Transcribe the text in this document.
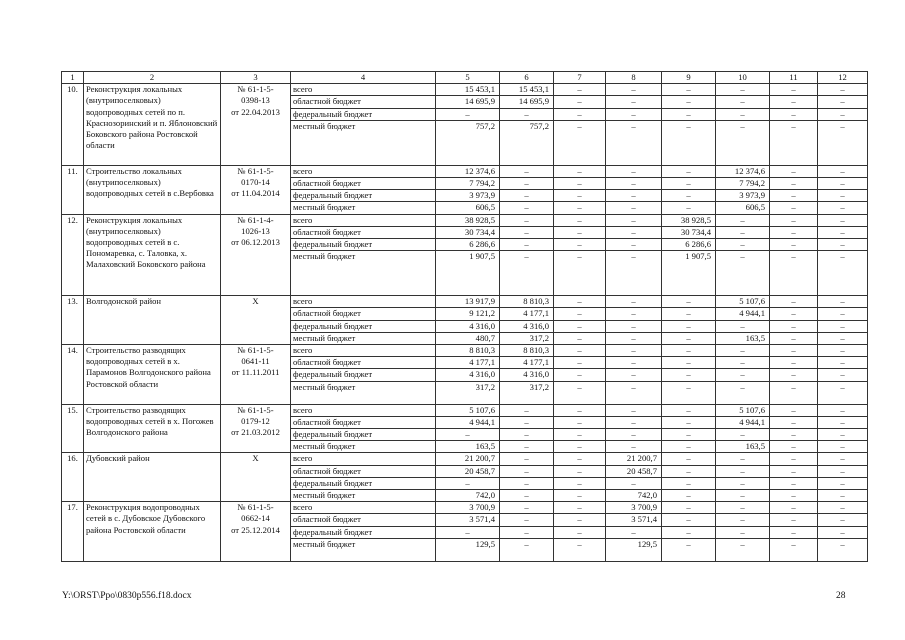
1	2	3	4	5	6	7	8	9	10	11	12
10.	Реконструкция локальных (внутрипоселковых) водопроводных сетей по п. Краснозоринский и п. Яблоновский Боковского района Ростовской области	№ 61-1-5-
0398-13
от 22.04.2013	всего	15 453,1	15 453,1	–	–	–	–	–	–
			областной бюджет	14 695,9	14 695,9	–	–	–	–	–	–
			федеральный бюджет	–	–	–	–	–	–	–	–
			местный бюджет	757,2	757,2	–	–	–	–	–	–
11.	Строительство локальных (внутрипоселковых) водопроводных сетей в с.Вербовка	№ 61-1-5-
0170-14
от 11.04.2014	всего	12 374,6	–	–	–	–	12 374,6	–	–
			областной бюджет	7 794,2	–	–	–	–	7 794,2	–	–
			федеральный бюджет	3 973,9	–	–	–	–	3 973,9	–	–
			местный бюджет	606,5	–	–	–	–	606,5	–	–
12.	Реконструкция локальных (внутрипоселковых) водопроводных сетей в с. Пономаревка, с. Таловка, х. Малаховский Боковского района	№ 61-1-4-
1026-13
от 06.12.2013	всего	38 928,5	–	–	–	38 928,5	–	–	–
			областной бюджет	30 734,4	–	–	–	30 734,4	–	–	–
			федеральный бюджет	6 286,6	–	–	–	6 286,6	–	–	–
			местный бюджет	1 907,5	–	–	–	1 907,5	–	–	–
13.	Волгодонской район	Х	всего	13 917,9	8 810,3	–	–	–	5 107,6	–	–
			областной бюджет	9 121,2	4 177,1	–	–	–	4 944,1	–	–
			федеральный бюджет	4 316,0	4 316,0	–	–	–	–	–	–
			местный бюджет	480,7	317,2	–	–	–	163,5	–	–
14.	Строительство разводящих водопроводных сетей в х. Парамонов Волгодонского района Ростовской области	№ 61-1-5-
0641-11
от 11.11.2011	всего	8 810,3	8 810,3	–	–	–	–	–	–
			областной бюджет	4 177,1	4 177,1	–	–	–	–	–	–
			федеральный бюджет	4 316,0	4 316,0	–	–	–	–	–	–
			местный бюджет	317,2	317,2	–	–	–	–	–	–
15.	Строительство разводящих водопроводных сетей в х. Погожев Волгодонского района	№ 61-1-5-
0179-12
от 21.03.2012	всего	5 107,6	–	–	–	–	5 107,6	–	–
			областной бюджет	4 944,1	–	–	–	–	4 944,1	–	–
			федеральный бюджет	–	–	–	–	–	–	–	–
			местный бюджет	163,5	–	–	–	–	163,5	–	–
16.	Дубовский район	Х	всего	21 200,7	–	–	21 200,7	–	–	–	–
			областной бюджет	20 458,7	–	–	20 458,7	–	–	–	–
			федеральный бюджет	–	–	–	–	–	–	–	–
			местный бюджет	742,0	–	–	742,0	–	–	–	–
17.	Реконструкция водопроводных сетей в с. Дубовское Дубовского района Ростовской области	№ 61-1-5-
0662-14
от 25.12.2014	всего	3 700,9	–	–	3 700,9	–	–	–	–
			областной бюджет	3 571,4	–	–	3 571,4	–	–	–	–
			федеральный бюджет	–	–	–	–	–	–	–	–
			местный бюджет	129,5	–	–	129,5	–	–	–	–
Y:\ORST\Ppo\0830p556.f18.docx	28
